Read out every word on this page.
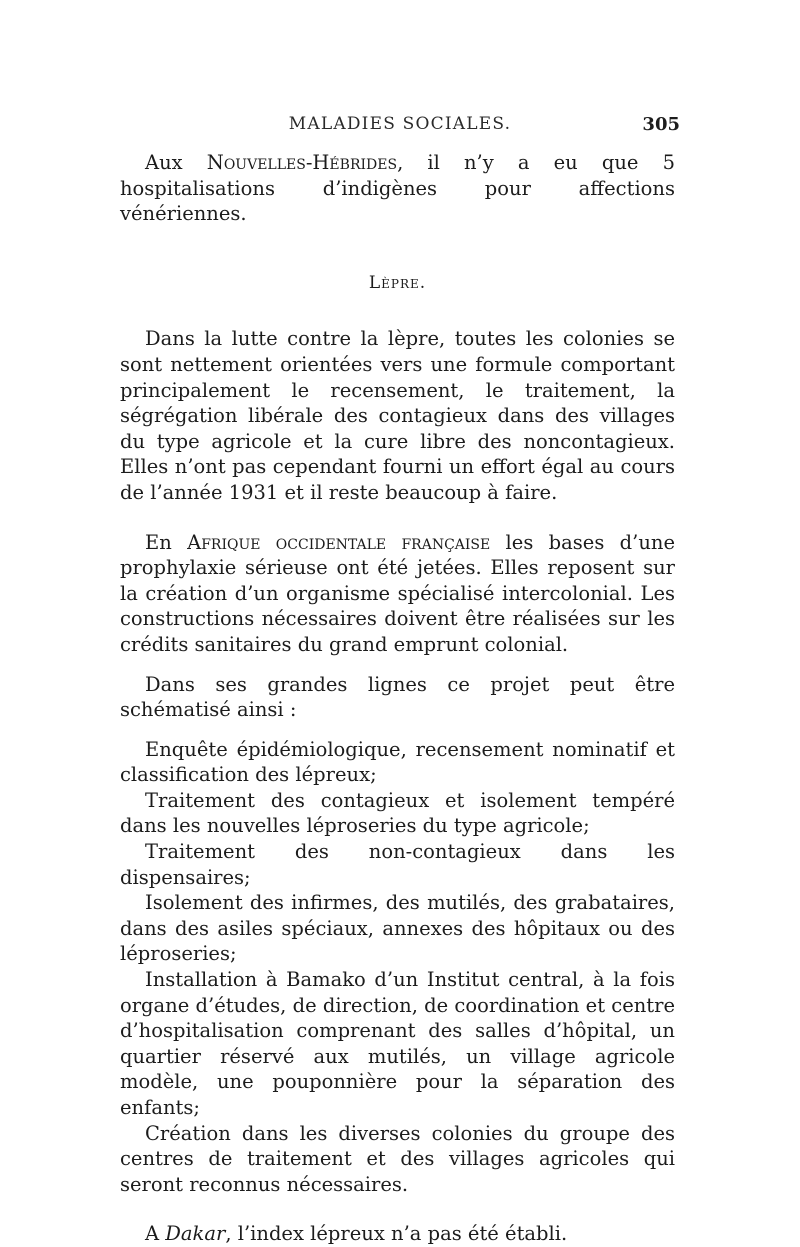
MALADIES SOCIALES.	305

Aux Nouvelles-Hébrides, il n’y a eu que 5 hospitalisations d’indigènes pour affections vénériennes.

Lèpre.

Dans la lutte contre la lèpre, toutes les colonies se sont nettement orientées vers une formule comportant principalement le recensement, le traitement, la ségrégation libérale des contagieux dans des villages du type agricole et la cure libre des noncontagieux. Elles n’ont pas cependant fourni un effort égal au cours de l’année 1931 et il reste beaucoup à faire.

En Afrique occidentale française les bases d’une prophylaxie sérieuse ont été jetées. Elles reposent sur la création d’un organisme spécialisé intercolonial. Les constructions nécessaires doivent être réalisées sur les crédits sanitaires du grand emprunt colonial.

Dans ses grandes lignes ce projet peut être schématisé ainsi :

Enquête épidémiologique, recensement nominatif et classification des lépreux;

Traitement des contagieux et isolement tempéré dans les nouvelles léproseries du type agricole;

Traitement des non-contagieux dans les dispensaires;

Isolement des infirmes, des mutilés, des grabataires, dans des asiles spéciaux, annexes des hôpitaux ou des léproseries;

Installation à Bamako d’un Institut central, à la fois organe d’études, de direction, de coordination et centre d’hospitalisation comprenant des salles d’hôpital, un quartier réservé aux mutilés, un village agricole modèle, une pouponnière pour la séparation des enfants;

Création dans les diverses colonies du groupe des centres de traitement et des villages agricoles qui seront reconnus nécessaires.

A Dakar, l’index lépreux n’a pas été établi.
